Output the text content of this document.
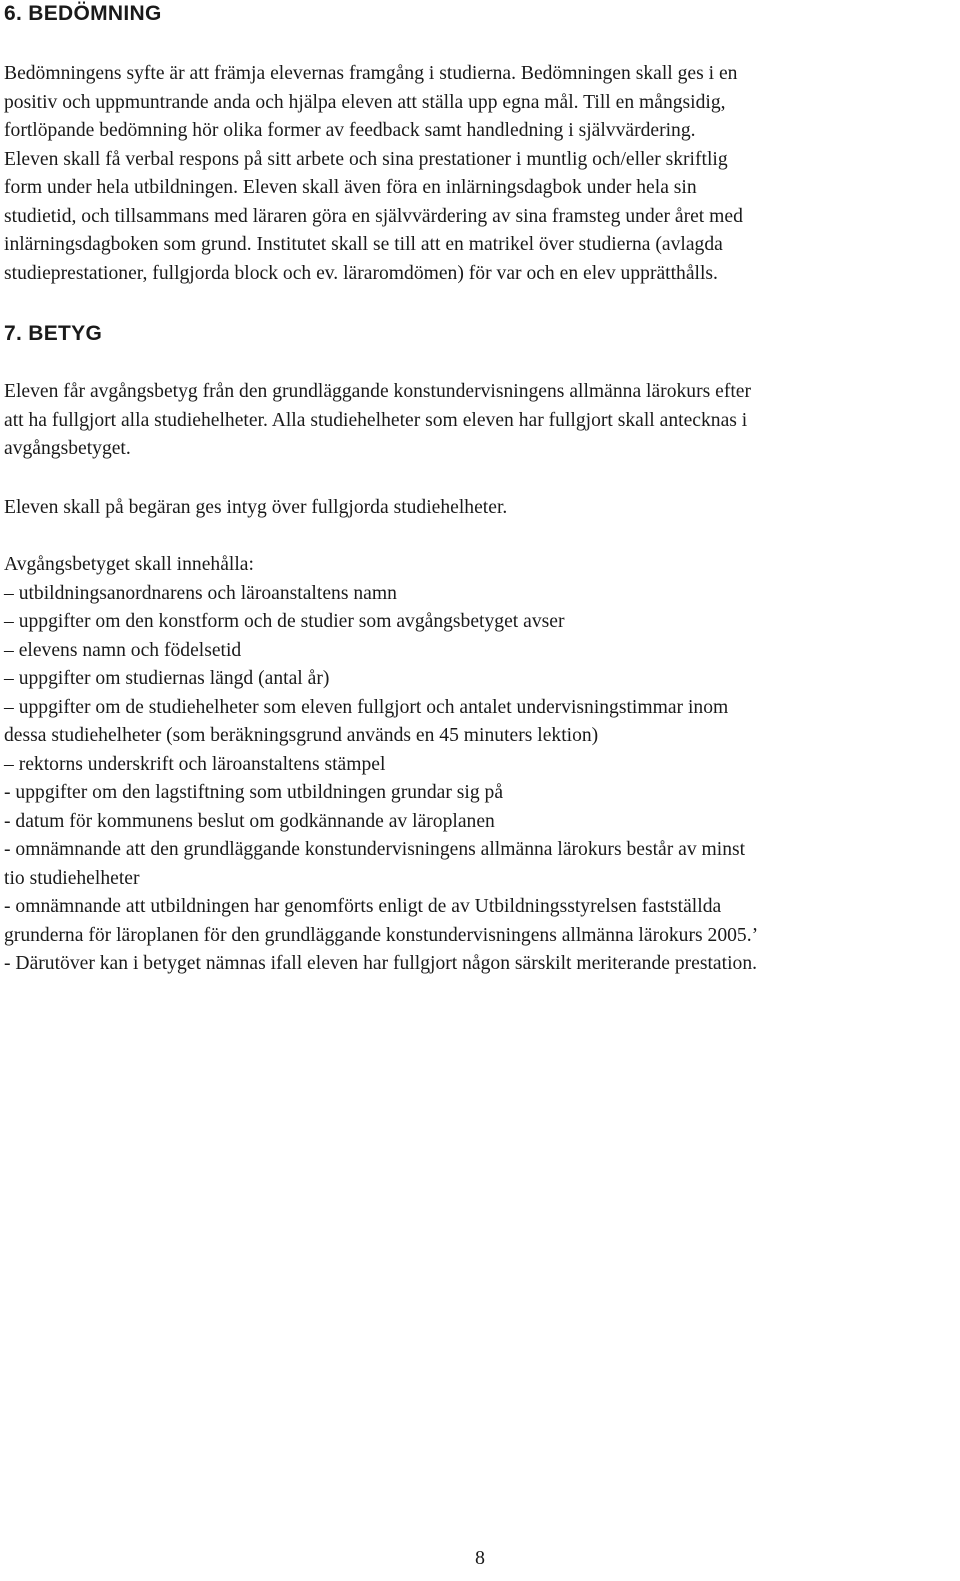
6. BEDÖMNING

Bedömningens syfte är att främja elevernas framgång i studierna. Bedömningen skall ges i en
positiv och uppmuntrande anda och hjälpa eleven att ställa upp egna mål. Till en mångsidig,
fortlöpande bedömning hör olika former av feedback samt handledning i självvärdering.
Eleven skall få verbal respons på sitt arbete och sina prestationer i muntlig och/eller skriftlig
form under hela utbildningen. Eleven skall även föra en inlärningsdagbok under hela sin
studietid, och tillsammans med läraren göra en självvärdering av sina framsteg under året med
inlärningsdagboken som grund. Institutet skall se till att en matrikel över studierna (avlagda
studieprestationer, fullgjorda block och ev. läraromdömen) för var och en elev upprätthålls.

7. BETYG

Eleven får avgångsbetyg från den grundläggande konstundervisningens allmänna lärokurs efter
att ha fullgjort alla studiehelheter. Alla studiehelheter som eleven har fullgjort skall antecknas i
avgångsbetyget.

Eleven skall på begäran ges intyg över fullgjorda studiehelheter.

Avgångsbetyget skall innehålla:
– utbildningsanordnarens och läroanstaltens namn
– uppgifter om den konstform och de studier som avgångsbetyget avser
– elevens namn och födelsetid
– uppgifter om studiernas längd (antal år)
– uppgifter om de studiehelheter som eleven fullgjort och antalet undervisningstimmar inom
dessa studiehelheter (som beräkningsgrund används en 45 minuters lektion)
– rektorns underskrift och läroanstaltens stämpel
- uppgifter om den lagstiftning som utbildningen grundar sig på
- datum för kommunens beslut om godkännande av läroplanen
- omnämnande att den grundläggande konstundervisningens allmänna lärokurs består av minst
tio studiehelheter
- omnämnande att utbildningen har genomförts enligt de av Utbildningsstyrelsen fastställda
grunderna för läroplanen för den grundläggande konstundervisningens allmänna lärokurs 2005.’
- Därutöver kan i betyget nämnas ifall eleven har fullgjort någon särskilt meriterande prestation.

8
